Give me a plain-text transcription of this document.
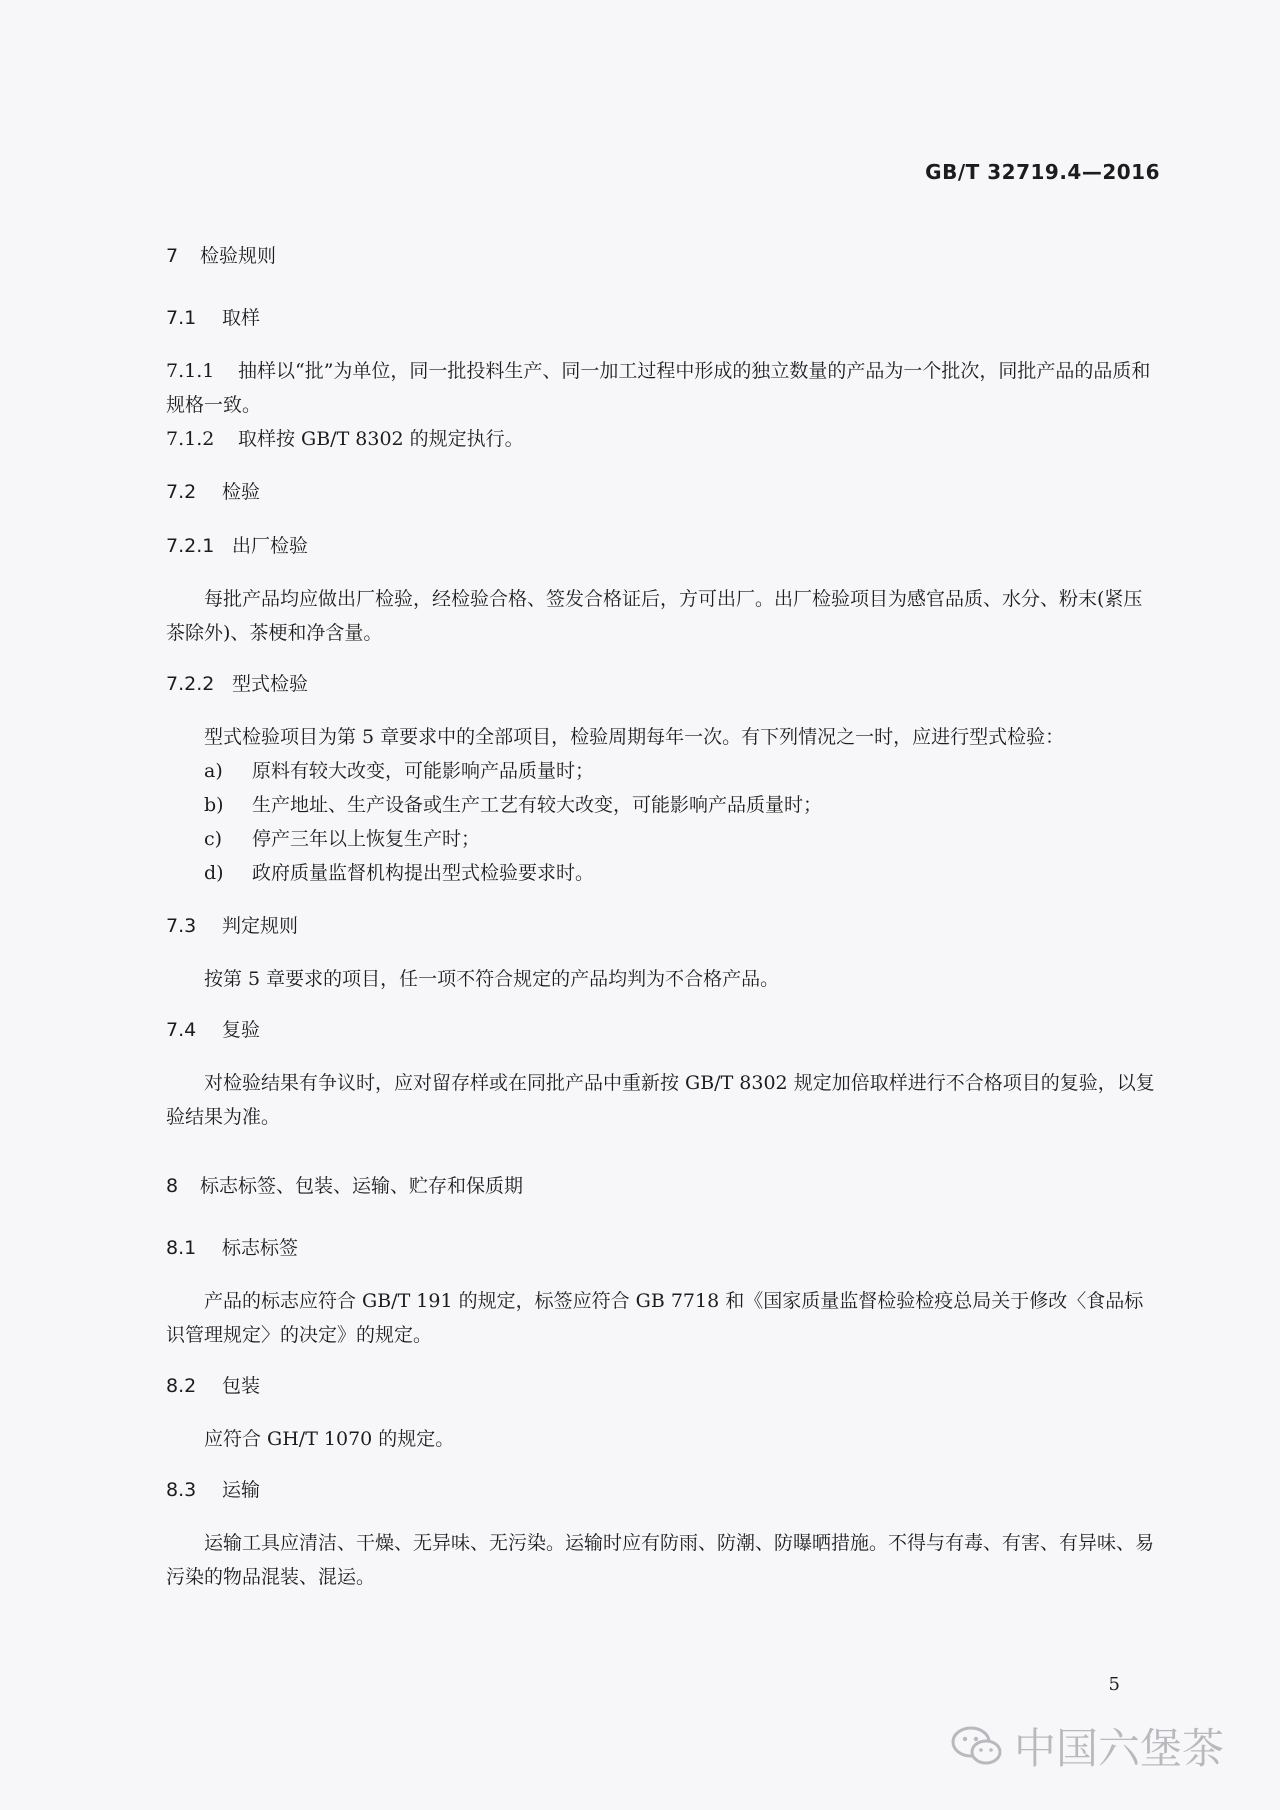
GB/T 32719.4—2016
7 检验规则
7.1 取样

7.1.1 抽样以“批”为单位，同一批投料生产、同一加工过程中形成的独立数量的产品为一个批次，同批产品的品质和规格一致。

7.1.2 取样按 GB/T 8302 的规定执行。

7.2 检验
7.2.1 出厂检验

每批产品均应做出厂检验，经检验合格、签发合格证后，方可出厂。出厂检验项目为感官品质、水分、粉末(紧压茶除外)、茶梗和净含量。

7.2.2 型式检验

型式检验项目为第 5 章要求中的全部项目，检验周期每年一次。有下列情况之一时，应进行型式检验：

a) 原料有较大改变，可能影响产品质量时；
b) 生产地址、生产设备或生产工艺有较大改变，可能影响产品质量时；
c) 停产三年以上恢复生产时；
d) 政府质量监督机构提出型式检验要求时。
7.3 判定规则

按第 5 章要求的项目，任一项不符合规定的产品均判为不合格产品。

7.4 复验

对检验结果有争议时，应对留存样或在同批产品中重新按 GB/T 8302 规定加倍取样进行不合格项目的复验，以复验结果为准。

8 标志标签、包装、运输、贮存和保质期
8.1 标志标签

产品的标志应符合 GB/T 191 的规定，标签应符合 GB 7718 和《国家质量监督检验检疫总局关于修改〈食品标识管理规定〉的决定》的规定。

8.2 包装

应符合 GH/T 1070 的规定。

8.3 运输

运输工具应清洁、干燥、无异味、无污染。运输时应有防雨、防潮、防曝晒措施。不得与有毒、有害、有异味、易污染的物品混装、混运。

5
中国六堡茶
